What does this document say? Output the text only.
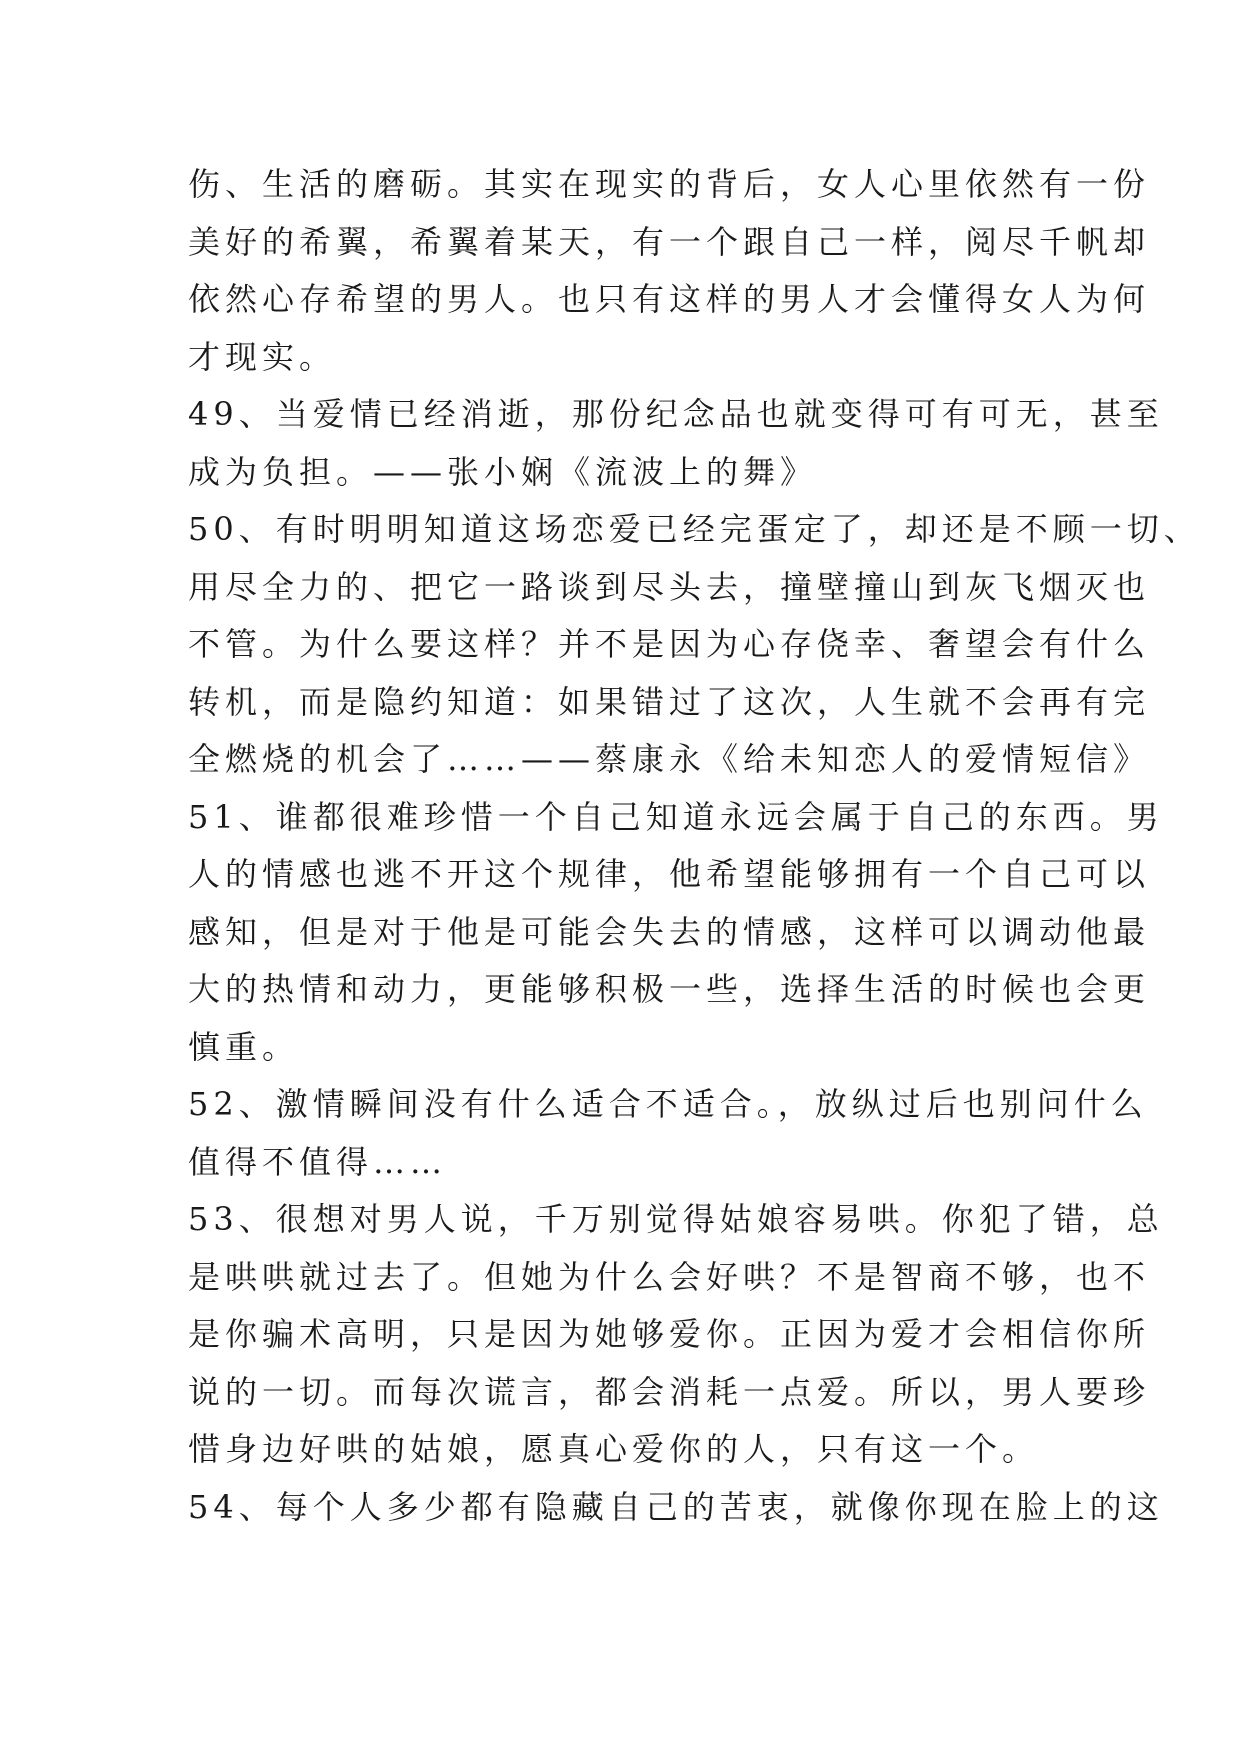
伤、生活的磨砺。其实在现实的背后，女人心里依然有一份
美好的希翼，希翼着某天，有一个跟自己一样，阅尽千帆却
依然心存希望的男人。也只有这样的男人才会懂得女人为何
才现实。
49、当爱情已经消逝，那份纪念品也就变得可有可无，甚至
成为负担。——张小娴《流波上的舞》
50、有时明明知道这场恋爱已经完蛋定了，却还是不顾一切、
用尽全力的、把它一路谈到尽头去，撞壁撞山到灰飞烟灭也
不管。为什么要这样？并不是因为心存侥幸、奢望会有什么
转机，而是隐约知道：如果错过了这次，人生就不会再有完
全燃烧的机会了……——蔡康永《给未知恋人的爱情短信》
51、谁都很难珍惜一个自己知道永远会属于自己的东西。男
人的情感也逃不开这个规律，他希望能够拥有一个自己可以
感知，但是对于他是可能会失去的情感，这样可以调动他最
大的热情和动力，更能够积极一些，选择生活的时候也会更
慎重。
52、激情瞬间没有什么适合不适合。，放纵过后也别问什么
值得不值得……
53、很想对男人说，千万别觉得姑娘容易哄。你犯了错，总
是哄哄就过去了。但她为什么会好哄？不是智商不够，也不
是你骗术高明，只是因为她够爱你。正因为爱才会相信你所
说的一切。而每次谎言，都会消耗一点爱。所以，男人要珍
惜身边好哄的姑娘，愿真心爱你的人，只有这一个。
54、每个人多少都有隐藏自己的苦衷，就像你现在脸上的这
